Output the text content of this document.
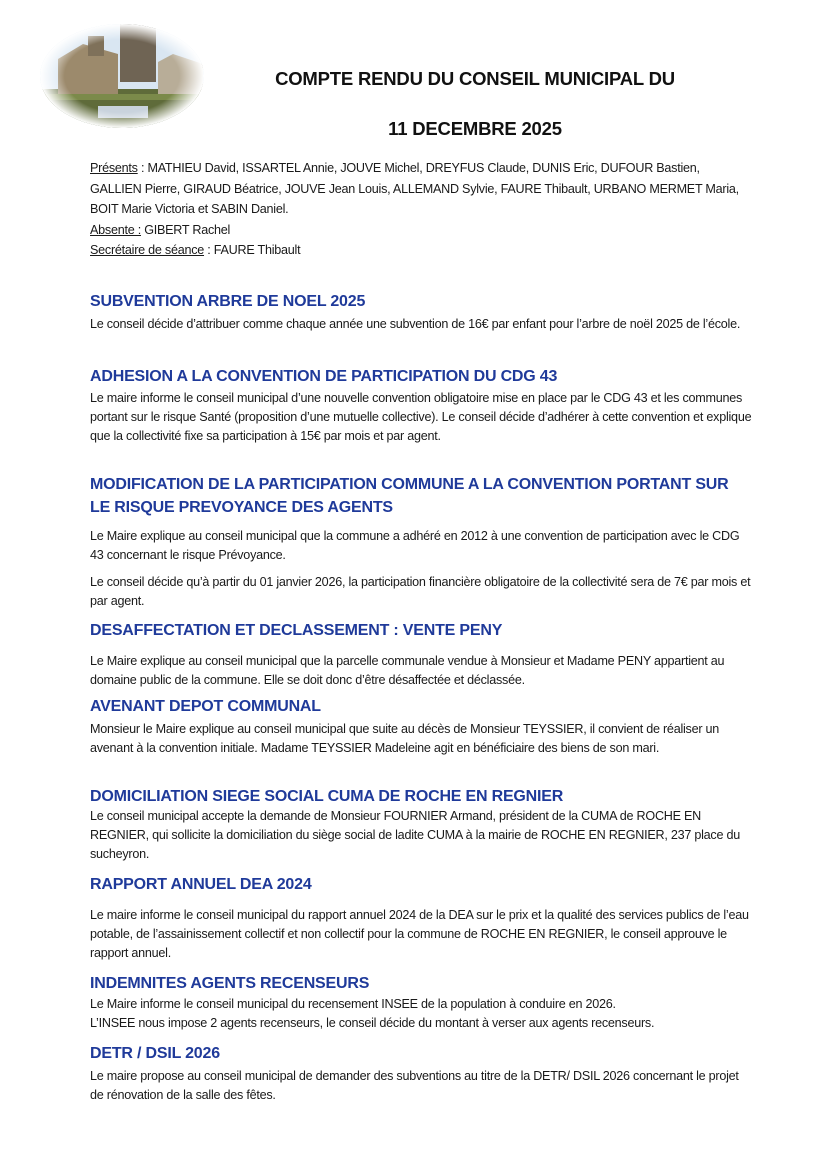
COMPTE RENDU DU CONSEIL MUNICIPAL DU
11 DECEMBRE 2025

Présents : MATHIEU David, ISSARTEL Annie, JOUVE Michel, DREYFUS Claude, DUNIS Eric, DUFOUR Bastien, GALLIEN Pierre, GIRAUD Béatrice, JOUVE Jean Louis, ALLEMAND Sylvie, FAURE Thibault, URBANO MERMET Maria, BOIT Marie Victoria et SABIN Daniel.

Absente : GIBERT Rachel

Secrétaire de séance : FAURE Thibault

SUBVENTION ARBRE DE NOEL 2025

Le conseil décide d’attribuer comme chaque année une subvention de 16€ par enfant pour l’arbre de noël 2025 de l’école.

ADHESION A LA CONVENTION DE PARTICIPATION DU CDG 43

Le maire informe le conseil municipal d’une nouvelle convention obligatoire mise en place par le CDG 43 et les communes portant sur le risque Santé (proposition d’une mutuelle collective). Le conseil décide d’adhérer à cette convention et explique que la collectivité fixe sa participation à 15€ par mois et par agent.

MODIFICATION DE LA PARTICIPATION COMMUNE A LA CONVENTION PORTANT SUR LE RISQUE PREVOYANCE DES AGENTS

Le Maire explique au conseil municipal que la commune a adhéré en 2012 à une convention de participation avec le CDG 43 concernant le risque Prévoyance.

Le conseil décide qu’à partir du 01 janvier 2026, la participation financière obligatoire de la collectivité sera de 7€ par mois et par agent.

DESAFFECTATION ET DECLASSEMENT : VENTE PENY

Le Maire explique au conseil municipal que la parcelle communale vendue à Monsieur et Madame PENY appartient au domaine public de la commune. Elle se doit donc d’être désaffectée et déclassée.

AVENANT DEPOT COMMUNAL

Monsieur le Maire explique au conseil municipal que suite au décès de Monsieur TEYSSIER, il convient de réaliser un avenant à la convention initiale. Madame TEYSSIER Madeleine agit en bénéficiaire des biens de son mari.

DOMICILIATION SIEGE SOCIAL CUMA DE ROCHE EN REGNIER

Le conseil municipal accepte la demande de Monsieur FOURNIER Armand, président de la CUMA de ROCHE EN REGNIER, qui sollicite la domiciliation du siège social de ladite CUMA à la mairie de ROCHE EN REGNIER, 237 place du sucheyron.

RAPPORT ANNUEL DEA 2024

Le maire informe le conseil municipal du rapport annuel 2024 de la DEA sur le prix et la qualité des services publics de l’eau potable, de l’assainissement collectif et non collectif pour la commune de ROCHE EN REGNIER, le conseil approuve le rapport annuel.

INDEMNITES AGENTS RECENSEURS

Le Maire informe le conseil municipal du recensement INSEE de la population à conduire en 2026.

L’INSEE nous impose 2 agents recenseurs, le conseil décide du montant à verser aux agents recenseurs.

DETR / DSIL 2026

Le maire propose au conseil municipal de demander des subventions au titre de la DETR/ DSIL 2026 concernant le projet de rénovation de la salle des fêtes.
